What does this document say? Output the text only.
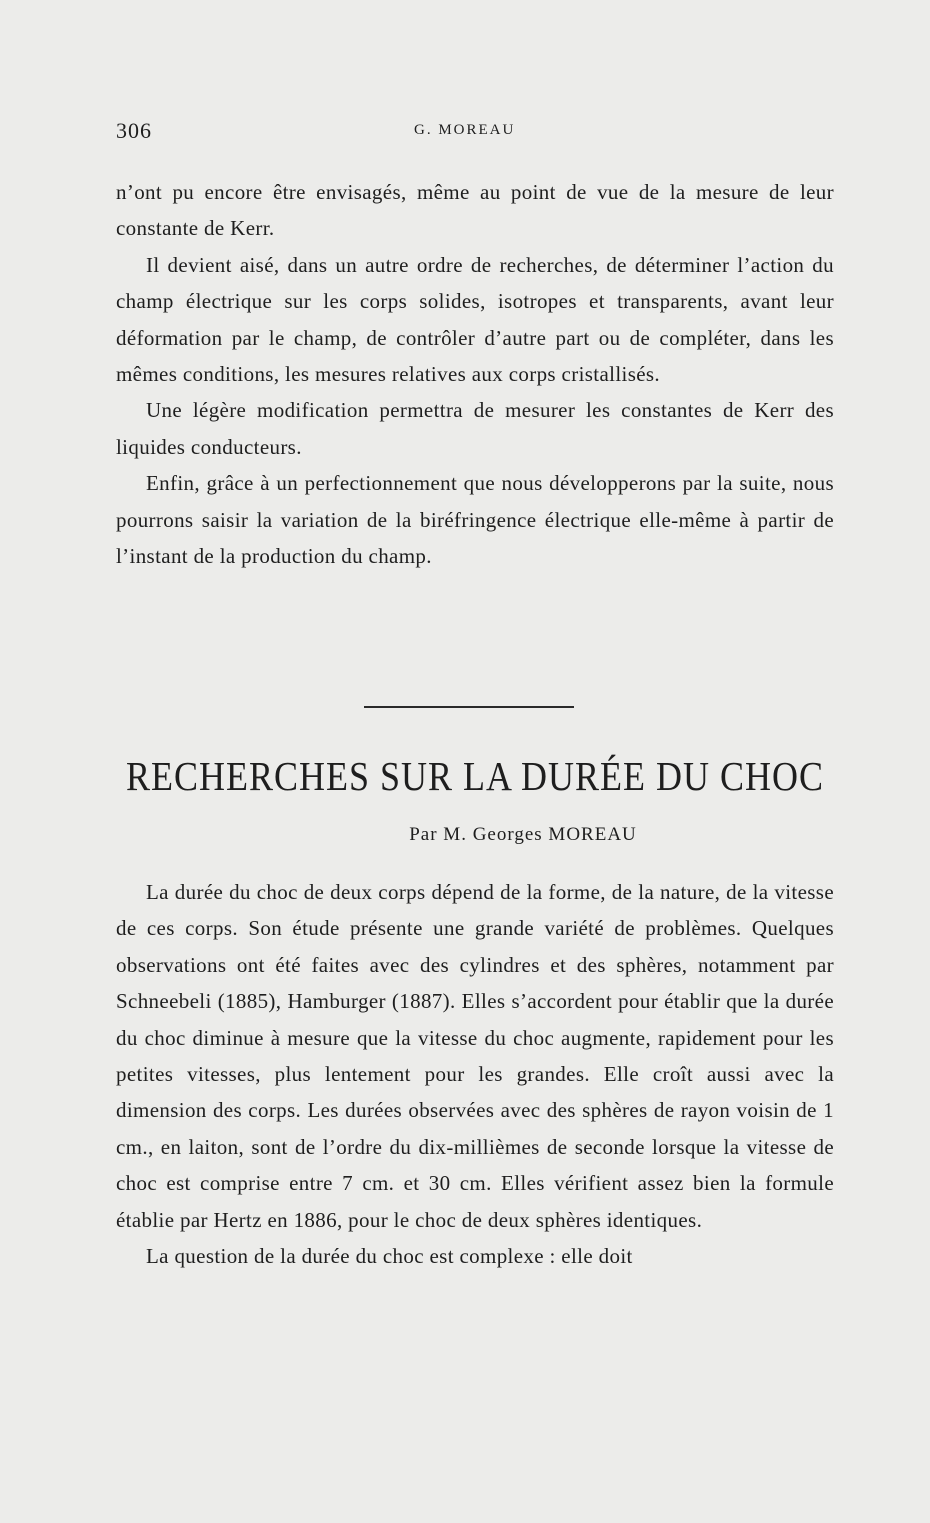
306	G. MOREAU

n’ont pu encore être envisagés, même au point de vue de la mesure de leur constante de Kerr.

Il devient aisé, dans un autre ordre de recherches, de déterminer l’action du champ électrique sur les corps solides, isotropes et transparents, avant leur déformation par le champ, de contrôler d’autre part ou de compléter, dans les mêmes conditions, les mesures relatives aux corps cristallisés.

Une légère modification permettra de mesurer les constantes de Kerr des liquides conducteurs.

Enfin, grâce à un perfectionnement que nous développerons par la suite, nous pourrons saisir la variation de la biréfringence électrique elle-même à partir de l’instant de la production du champ.

RECHERCHES SUR LA DURÉE DU CHOC
Par M. Georges MOREAU

La durée du choc de deux corps dépend de la forme, de la nature, de la vitesse de ces corps. Son étude présente une grande variété de problèmes. Quelques observations ont été faites avec des cylindres et des sphères, notamment par Schneebeli (1885), Hamburger (1887). Elles s’accordent pour établir que la durée du choc diminue à mesure que la vitesse du choc augmente, rapidement pour les petites vitesses, plus lentement pour les grandes. Elle croît aussi avec la dimension des corps. Les durées observées avec des sphères de rayon voisin de 1 cm., en laiton, sont de l’ordre du dix-millièmes de seconde lorsque la vitesse de choc est comprise entre 7 cm. et 30 cm. Elles vérifient assez bien la formule établie par Hertz en 1886, pour le choc de deux sphères identiques.

La question de la durée du choc est complexe : elle doit
